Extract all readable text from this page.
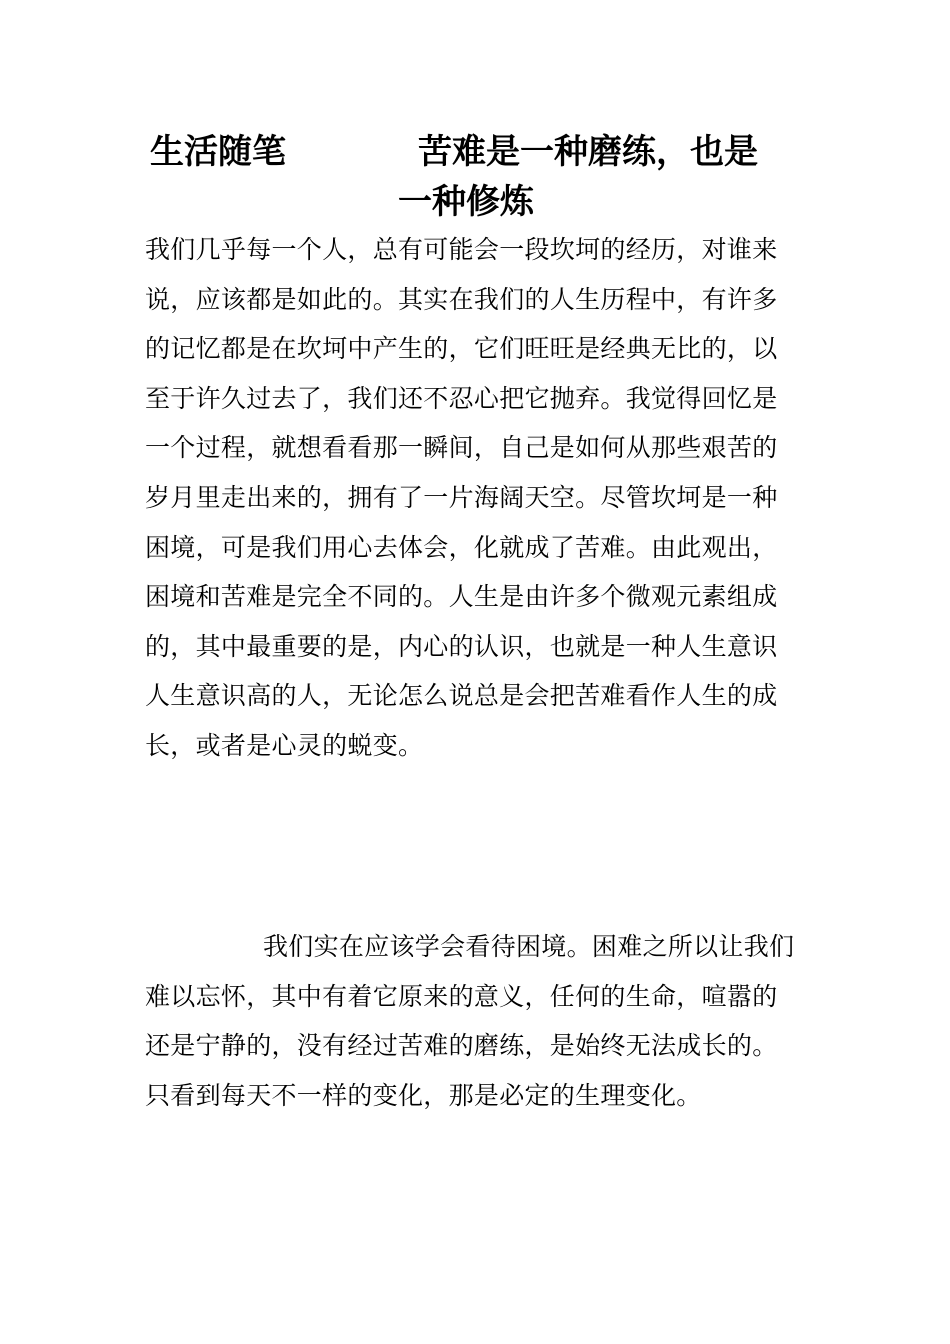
生活随笔	苦难是一种磨练，也是
一种修炼
我们几乎每一个人，总有可能会一段坎坷的经历，对谁来
说，应该都是如此的。其实在我们的人生历程中，有许多
的记忆都是在坎坷中产生的，它们旺旺是经典无比的，以
至于许久过去了，我们还不忍心把它抛弃。我觉得回忆是
一个过程，就想看看那一瞬间，自己是如何从那些艰苦的
岁月里走出来的，拥有了一片海阔天空。尽管坎坷是一种
困境，可是我们用心去体会，化就成了苦难。由此观出，
困境和苦难是完全不同的。人生是由许多个微观元素组成
的，其中最重要的是，内心的认识，也就是一种人生意识
人生意识高的人，无论怎么说总是会把苦难看作人生的成
长，或者是心灵的蜕变。
我们实在应该学会看待困境。困难之所以让我们
难以忘怀，其中有着它原来的意义，任何的生命，喧嚣的
还是宁静的，没有经过苦难的磨练，是始终无法成长的。
只看到每天不一样的变化，那是必定的生理变化。
